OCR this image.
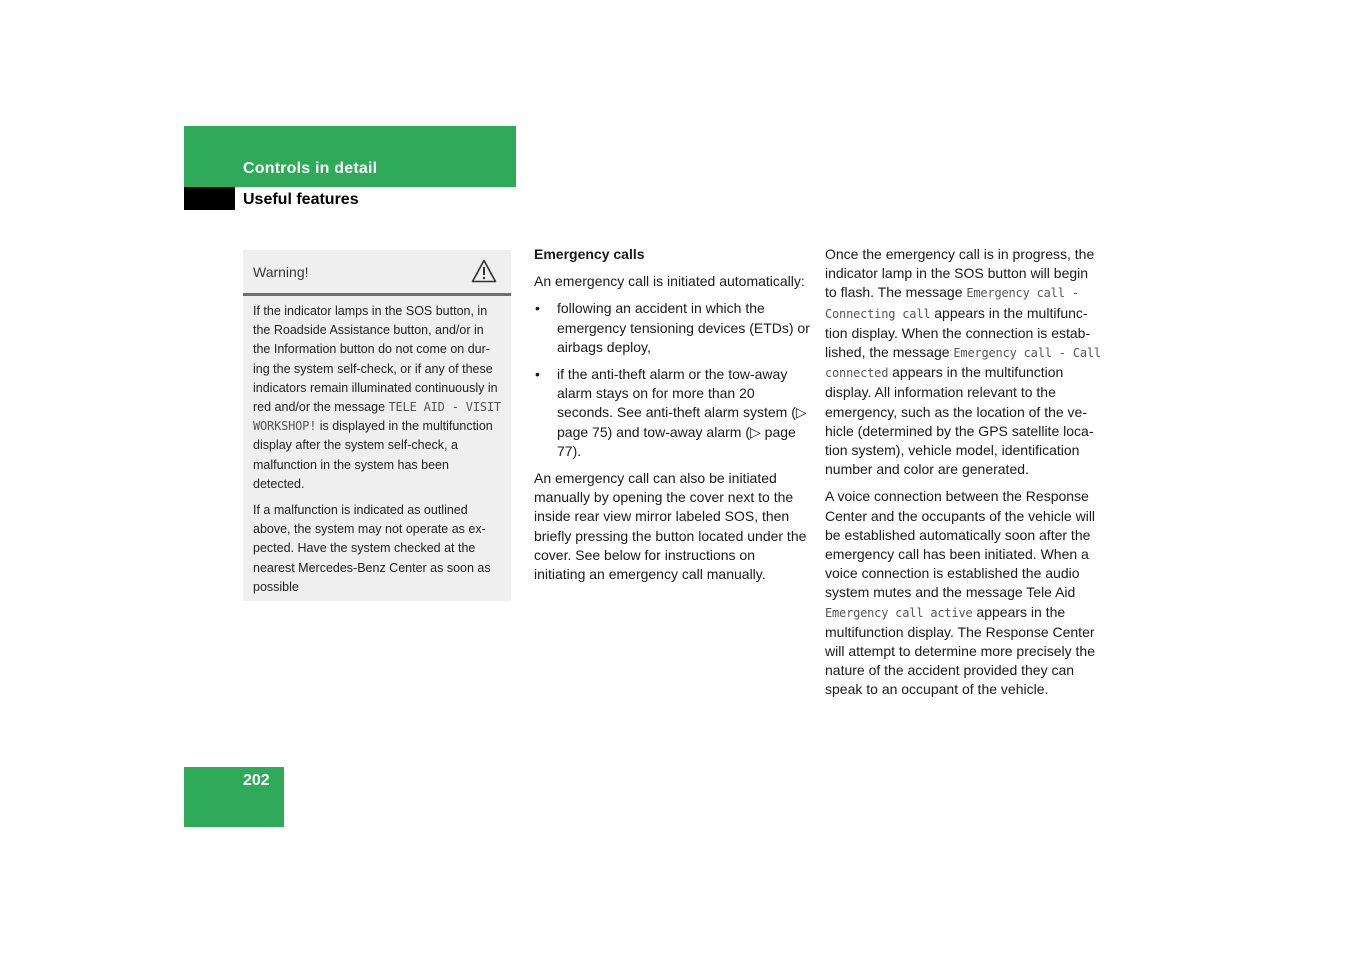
Controls in detail
Useful features
Warning!

If the indicator lamps in the SOS button, in the Roadside Assistance button, and/or in the Information button do not come on during the system self-check, or if any of these indicators remain illuminated continuously in red and/or the message TELE AID - VISIT WORKSHOP! is displayed in the multifunction display after the system self-check, a malfunction in the system has been detected.

If a malfunction is indicated as outlined above, the system may not operate as expected. Have the system checked at the nearest Mercedes-Benz Center as soon as possible

Emergency calls

An emergency call is initiated automatically:

• following an accident in which the emergency tensioning devices (ETDs) or airbags deploy,
• if the anti-theft alarm or the tow-away alarm stays on for more than 20 seconds. See anti-theft alarm system (▷ page 75) and tow-away alarm (▷ page 77).

An emergency call can also be initiated manually by opening the cover next to the inside rear view mirror labeled SOS, then briefly pressing the button located under the cover. See below for instructions on initiating an emergency call manually.

Once the emergency call is in progress, the indicator lamp in the SOS button will begin to flash. The message Emergency call - Connecting call appears in the multifunction display. When the connection is established, the message Emergency call - Call connected appears in the multifunction display. All information relevant to the emergency, such as the location of the vehicle (determined by the GPS satellite location system), vehicle model, identification number and color are generated.

A voice connection between the Response Center and the occupants of the vehicle will be established automatically soon after the emergency call has been initiated. When a voice connection is established the audio system mutes and the message Tele Aid Emergency call active appears in the multifunction display. The Response Center will attempt to determine more precisely the nature of the accident provided they can speak to an occupant of the vehicle.

202
